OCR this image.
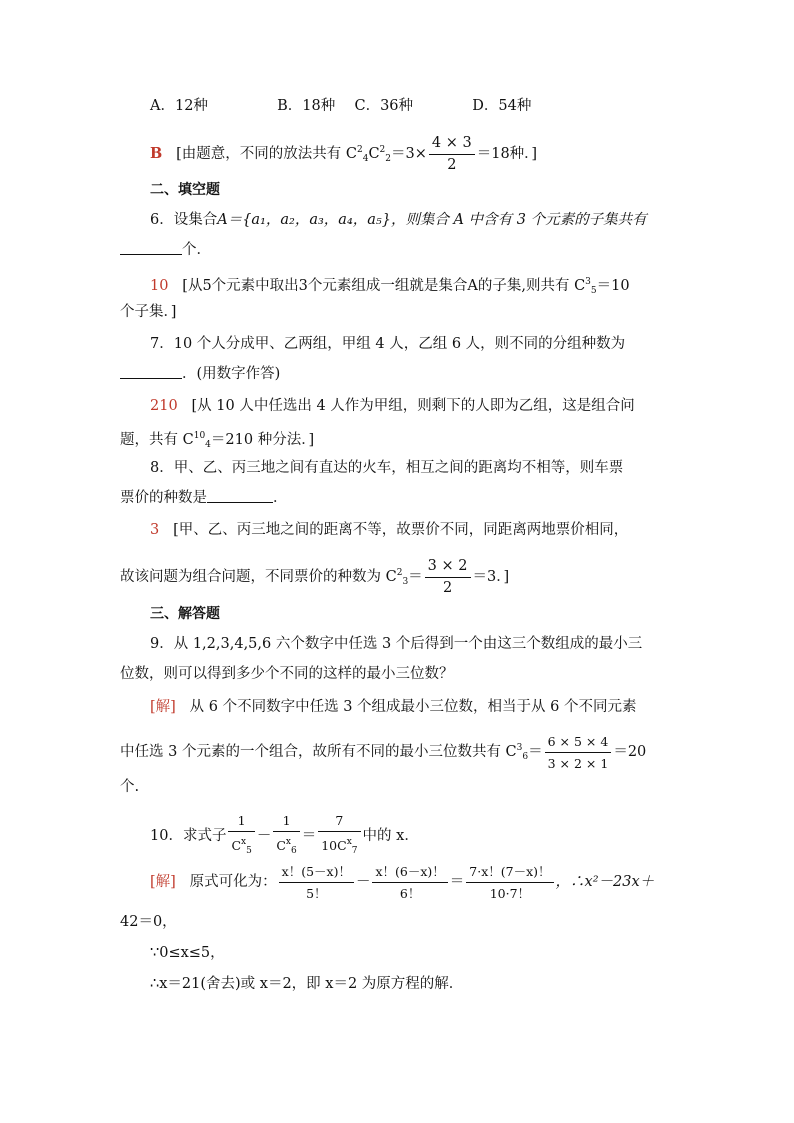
A．12种	B．18种 C．36种	D．54种
B [由题意，不同的放法共有 $C^2_4C^2_2=3\times \frac{4 \times 3}{2} =18$种．]
二、填空题
6．设集合A＝{a₁，a₂，a₃，a₄，a₅}，则集合 A 中含有 3 个元素的子集共有
个．
10 [从5个元素中取出3个元素组成一组就是集合A的子集,则共有 $C^3_5=10$
个子集．]
7．10 个人分成甲、乙两组，甲组 4 人，乙组 6 人，则不同的分组种数为
．(用数字作答)
210 [从 10 人中任选出 4 人作为甲组，则剩下的人即为乙组，这是组合问
题，共有 $C^{10}_4=210$ 种分法．]
8．甲、乙、丙三地之间有直达的火车，相互之间的距离均不相等，则车票
票价的种数是	．
3 [甲、乙、丙三地之间的距离不等，故票价不同，同距离两地票价相同，
故该问题为组合问题，不同票价的种数为 $C^2_3= \frac{3 \times 2}{2} =3$．]
三、解答题
9．从 1,2,3,4,5,6 六个数字中任选 3 个后得到一个由这三个数组成的最小三
位数，则可以得到多少个不同的这样的最小三位数？
[解] 从 6 个不同数字中任选 3 个组成最小三位数，相当于从 6 个不同元素
中任选 3 个元素的一个组合，故所有不同的最小三位数共有 $C^3_6= \frac{6 \times 5 \times 4}{3 \times 2 \times 1} =20$
个.
10．求式子 $\frac{1}{C^x_5} - \frac{1}{C^x_6} = \frac{7}{10C^x_7}$ 中的 x．
[解] 原式可化为： $\frac{x!(5-x)!}{5!} - \frac{x!(6-x)!}{6!} = \frac{7\cdot x!(7-x)!}{10\cdot 7!}$ ，∴x²－23x＋
42＝0，
∵0≤x≤5，
∴x＝21(舍去)或 x＝2，即 x＝2 为原方程的解．
